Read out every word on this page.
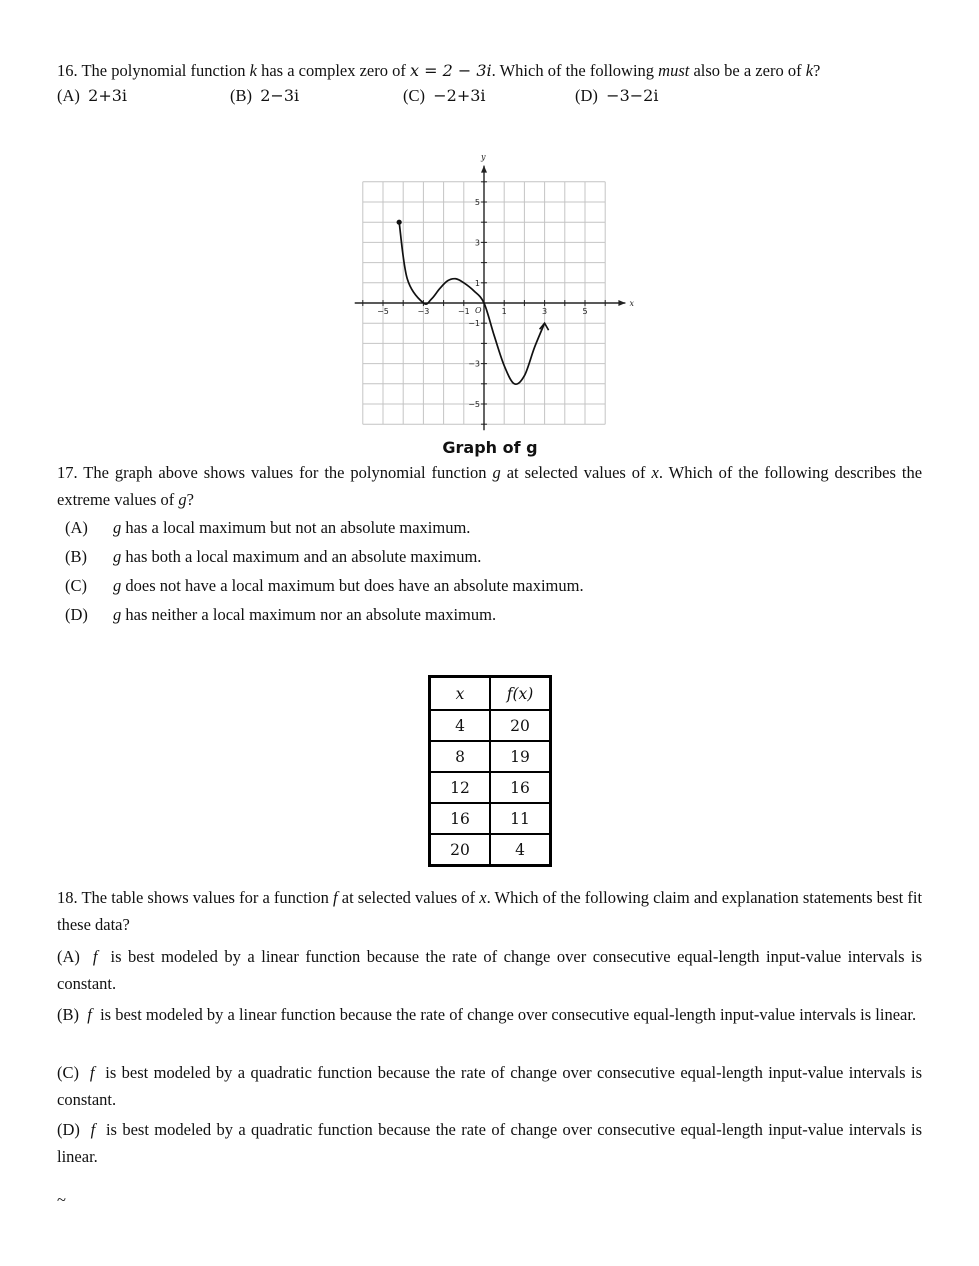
16. The polynomial function k has a complex zero of x = 2 − 3i. Which of the following must also be a zero of k?
(A) 2+3i	(B) 2−3i	(C) −2+3i	(D) −3−2i
x
y
O
−5	−3	−1	1	3	5
5
3
1
−1
−3
−5
Graph of g
17. The graph above shows values for the polynomial function g at selected values of x. Which of the following describes the extreme values of g?
(A)	g has a local maximum but not an absolute maximum.
(B)	g has both a local maximum and an absolute maximum.
(C)	g does not have a local maximum but does have an absolute maximum.
(D)	g has neither a local maximum nor an absolute maximum.
x	f(x)
4	20
8	19
12	16
16	11
20	4
18. The table shows values for a function f at selected values of x. Which of the following claim and explanation statements best fit these data?
(A) f is best modeled by a linear function because the rate of change over consecutive equal-length input-value intervals is constant.
(B) f is best modeled by a linear function because the rate of change over consecutive equal-length input-value intervals is linear.
(C) f is best modeled by a quadratic function because the rate of change over consecutive equal-length input-value intervals is constant.
(D) f is best modeled by a quadratic function because the rate of change over consecutive equal-length input-value intervals is linear.
~
